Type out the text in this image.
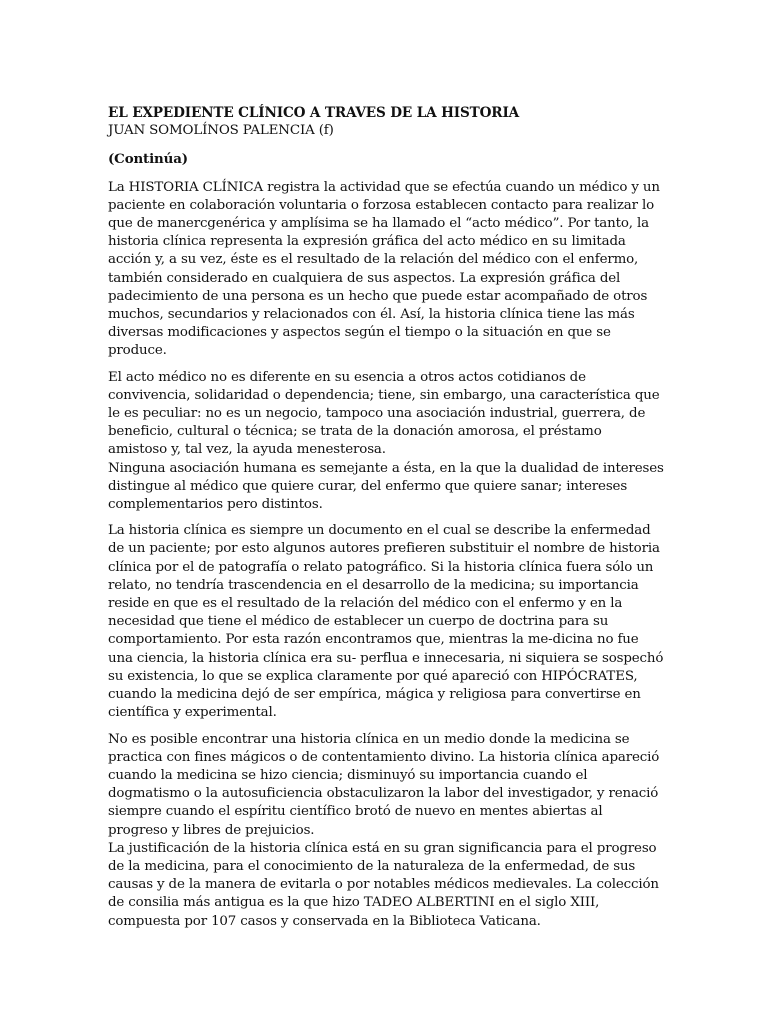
EL EXPEDIENTE CLÍNICO A TRAVES DE LA HISTORIA
JUAN SOMOLÍNOS PALENCIA (f)
(Continúa)

La HISTORIA CLÍNICA registra la actividad que se efectúa cuando un médico y un paciente en colaboración voluntaria o forzosa establecen contacto para realizar lo que de manercgenérica y amplísima se ha llamado el “acto médico”. Por tanto, la historia clínica representa la expresión gráfica del acto médico en su limitada acción y, a su vez, éste es el resultado de la relación del médico con el enfermo, también considerado en cualquiera de sus aspectos. La expresión gráfica del padecimiento de una persona es un hecho que puede estar acompañado de otros muchos, secundarios y relacionados con él. Así, la historia clínica tiene las más diversas modificaciones y aspectos según el tiempo o la situación en que se produce.

El acto médico no es diferente en su esencia a otros actos cotidianos de convivencia, solidaridad o dependencia; tiene, sin embargo, una característica que le es peculiar: no es un negocio, tampoco una asociación industrial, guerrera, de beneficio, cultural o técnica; se trata de la donación amorosa, el préstamo amistoso y, tal vez, la ayuda menesterosa.

Ninguna asociación humana es semejante a ésta, en la que la dualidad de intereses distingue al médico que quiere curar, del enfermo que quiere sanar; intereses complementarios pero distintos.

La historia clínica es siempre un documento en el cual se describe la enfermedad de un paciente; por esto algunos autores prefieren substituir el nombre de historia clínica por el de patografía o relato patográfico. Si la historia clínica fuera sólo un relato, no tendría trascendencia en el desarrollo de la medicina; su importancia reside en que es el resultado de la relación del médico con el enfermo y en la necesidad que tiene el médico de establecer un cuerpo de doctrina para su comportamiento. Por esta razón encontramos que, mientras la me-dicina no fue una ciencia, la historia clínica era su- perflua e innecesaria, ni siquiera se sospechó su existencia, lo que se explica claramente por qué apareció con HIPÓCRATES, cuando la medicina dejó de ser empírica, mágica y religiosa para convertirse en científica y experimental.

No es posible encontrar una historia clínica en un medio donde la medicina se practica con fines mágicos o de contentamiento divino. La historia clínica apareció cuando la medicina se hizo ciencia; disminuyó su importancia cuando el dogmatismo o la autosuficiencia obstaculizaron la labor del investigador, y renació siempre cuando el espíritu científico brotó de nuevo en mentes abiertas al progreso y libres de prejuicios.

La justificación de la historia clínica está en su gran significancia para el progreso de la medicina, para el conocimiento de la naturaleza de la enfermedad, de sus causas y de la manera de evitarla o por notables médicos medievales. La colección de consilia más antigua es la que hizo TADEO ALBERTINI en el siglo XIII, compuesta por 107 casos y conservada en la Biblioteca Vaticana.
